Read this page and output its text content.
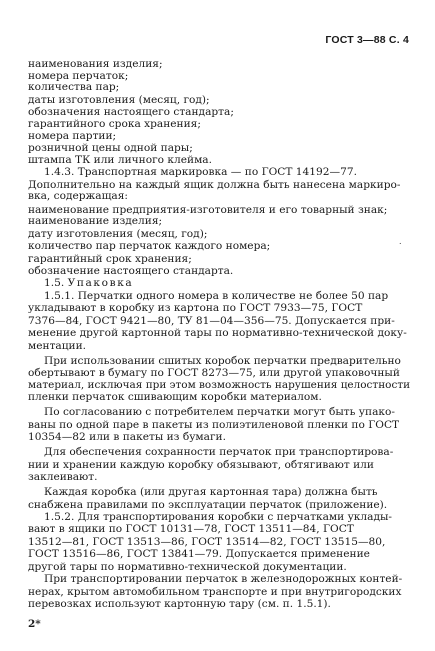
ГОСТ 3—88 С. 4
наименования изделия;
номера перчаток;
количества пар;
даты изготовления (месяц, год);
обозначения настоящего стандарта;
гарантийного срока хранения;
номера партии;
розничной цены одной пары;
штампа ТК или личного клейма.
1.4.3. Транспортная маркировка — по ГОСТ 14192—77.
Дополнительно на каждый ящик должна быть нанесена маркиро-
вка, содержащая:
наименование предприятия-изготовителя и его товарный знак;
наименование изделия;
дату изготовления (месяц, год);
количество пар перчаток каждого номера;
гарантийный срок хранения;
обозначение настоящего стандарта.
˙
1.5. Упаковка
1.5.1. Перчатки одного номера в количестве не более 50 пар
укладывают в коробку из картона по ГОСТ 7933—75, ГОСТ
7376—84, ГОСТ 9421—80, ТУ 81—04—356—75. Допускается при-
менение другой картонной тары по нормативно-технической доку-
ментации.
При использовании сшитых коробок перчатки предварительно
обертывают в бумагу по ГОСТ 8273—75, или другой упаковочный
материал, исключая при этом возможность нарушения целостности
пленки перчаток сшивающим коробки материалом.
По согласованию с потребителем перчатки могут быть упако-
ваны по одной паре в пакеты из полиэтиленовой пленки по ГОСТ
10354—82 или в пакеты из бумаги.
Для обеспечения сохранности перчаток при транспортирова-
нии и хранении каждую коробку обязывают, обтягивают или
заклеивают.
Каждая коробка (или другая картонная тара) должна быть
снабжена правилами по эксплуатации перчаток (приложение).
1.5.2. Для транспортирования коробки с перчатками уклады-
вают в ящики по ГОСТ 10131—78, ГОСТ 13511—84, ГОСТ
13512—81, ГОСТ 13513—86, ГОСТ 13514—82, ГОСТ 13515—80,
ГОСТ 13516—86, ГОСТ 13841—79. Допускается применение
другой тары по нормативно-технической документации.
При транспортировании перчаток в железнодорожных контей-
нерах, крытом автомобильном транспорте и при внутригородских
перевозках используют картонную тару (см. п. 1.5.1).
2*
